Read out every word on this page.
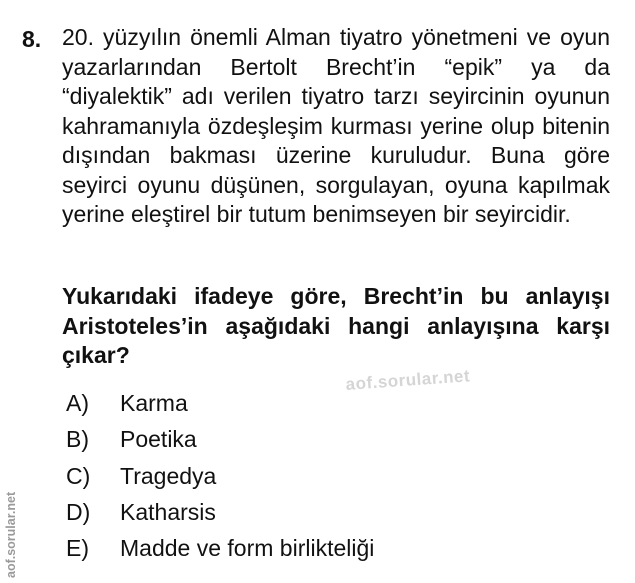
8. 20. yüzyılın önemli Alman tiyatro yönetmeni ve oyun yazarlarından Bertolt Brecht’in “epik” ya da “diyalektik” adı verilen tiyatro tarzı seyircinin oyunun kahramanıyla özdeşleşim kurması yerine olup bitenin dışından bakması üzerine kuruludur. Buna göre seyirci oyunu düşünen, sorgulayan, oyuna kapılmak yerine eleştirel bir tutum benimseyen bir seyircidir.

Yukarıdaki ifadeye göre, Brecht’in bu anlayışı Aristoteles’in aşağıdaki hangi anlayışına karşı çıkar?

A)	Karma
B)	Poetika
C)	Tragedya
D)	Katharsis
E)	Madde ve form birlikteliği
aof.sorular.net
aof.sorular.net
